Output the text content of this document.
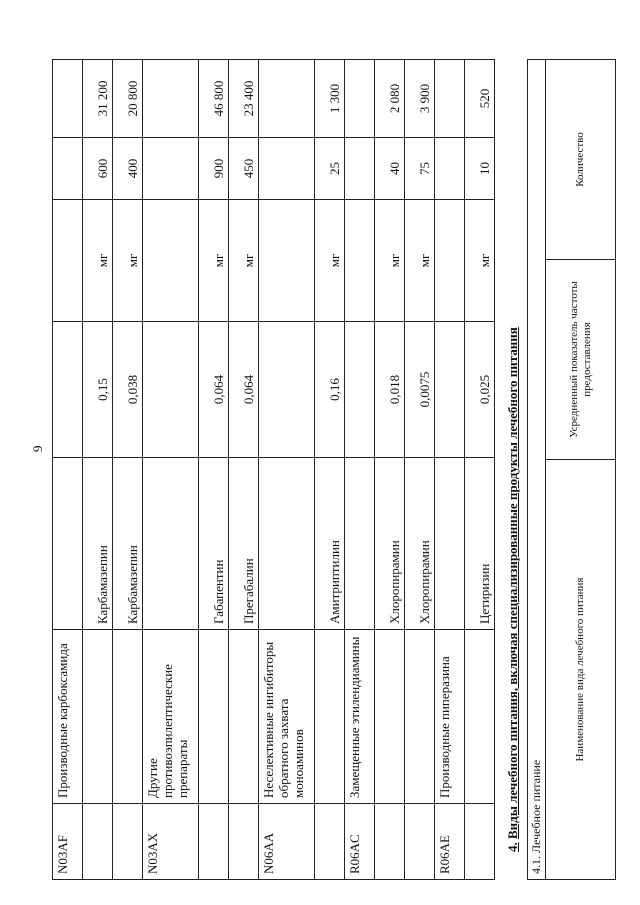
9
N03AF	Производные карбоксамида					
		Карбамазепин	0,15	мг	600	31 200
		Карбамазепин	0,038	мг	400	20 800
N03AX	Другие противоэпилептические препараты					
		Габапентин	0,064	мг	900	46 800
		Прегабалин	0,064	мг	450	23 400
N06AA	Неселективные ингибиторы обратного захвата моноаминов					
		Амитриптилин	0,16	мг	25	1 300
R06AC	Замещенные этилендиамины					
		Хлоропирамин	0,018	мг	40	2 080
		Хлоропирамин	0,0075	мг	75	3 900
R06AE	Производные пиперазина					
		Цетиризин	0,025	мг	10	520
4. Виды лечебного питания, включая специализированные продукты лечебного питания 4.1. Лечебное питание
Наименование вида лечебного питания	Усредненный показатель частоты предоставления	Количество
